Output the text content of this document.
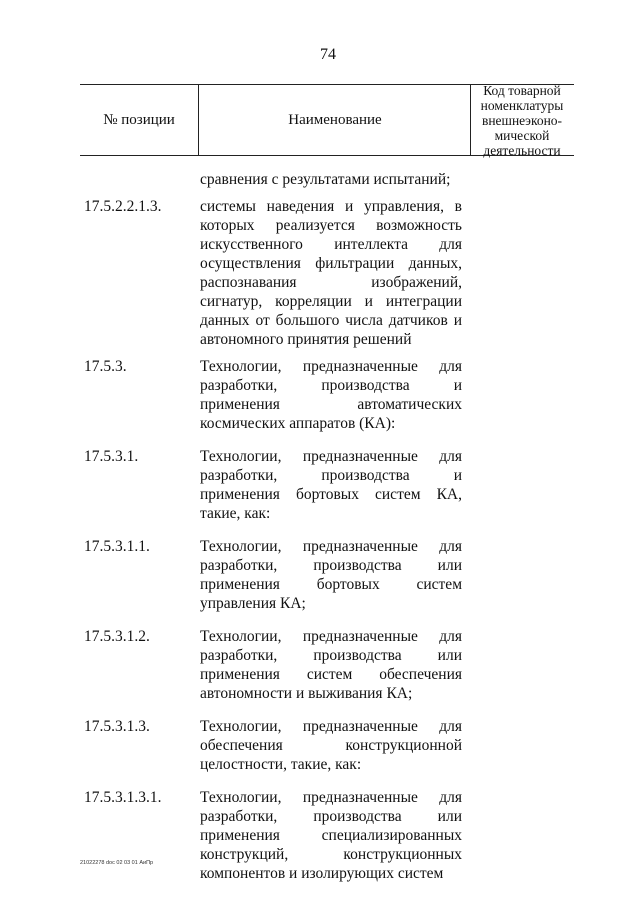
74
№ позиции	Наименование
Код товарной
номенклатуры
внешнеэконо-
мической
деятельности
сравнения с результатами испытаний;
17.5.2.2.1.3. системы наведения и управления, в
которых реализуется возможность
искусственного интеллекта для
осуществления фильтрации данных,
распознавания изображений,
сигнатур, корреляции и интеграции
данных от большого числа датчиков и
автономного принятия решений
17.5.3.	Технологии, предназначенные для
разработки, производства и
применения автоматических
космических аппаратов (КА):
17.5.3.1.	Технологии, предназначенные для
разработки, производства и
применения бортовых систем КА,
такие, как:
17.5.3.1.1.	Технологии, предназначенные для
разработки, производства или
применения бортовых систем
управления КА;
17.5.3.1.2.	Технологии, предназначенные для
разработки, производства или
применения систем обеспечения
автономности и выживания КА;
17.5.3.1.3.	Технологии, предназначенные для
обеспечения конструкционной
целостности, такие, как:
17.5.3.1.3.1. Технологии, предназначенные для
разработки, производства или
применения специализированных
конструкций, конструкционных
компонентов и изолирующих систем
21022278 doc 02 03 01 АиПр
